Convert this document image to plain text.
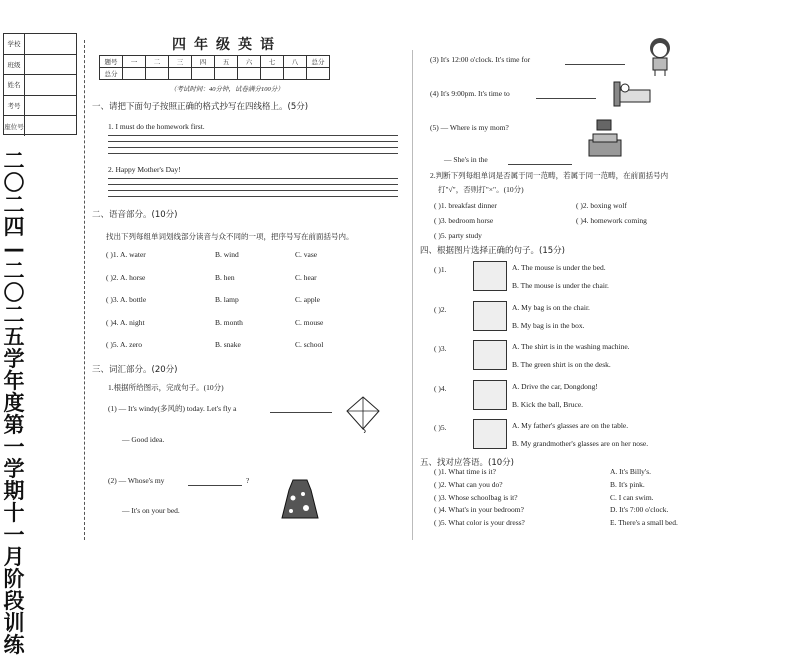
学校
班级
姓名
考号
座位号
二
〇
二
四
—
二
〇
二
五
学
年
度
第
一
学
期
十
一
月
阶
段
训
练
四年级英语
题号	一	二	三	四	五	六	七	八	总分
总分									
（考试时间：40分钟，试卷满分100分）
一、请把下面句子按照正确的格式抄写在四线格上。(5分)
1. I must do the homework first.
2. Happy Mother's Day!
二、语音部分。(10分)
找出下列每组单词划线部分读音与众不同的一项，把序号写在前面括号内。
三、词汇部分。(20分)
1.根据所给图示，完成句子。(10分)
(1) — It's windy(多风的) today. Let's fly a
— Good idea.
(2) — Whose's my	?
— It's on your bed.
(3) It's 12:00 o'clock. It's time for
(4) It's 9:00pm. It's time to
(5) — Where is my mom?
— She's in the
2.判断下列每组单词是否属于同一范畴，若属于同一范畴，在前面括号内
打"√"，否则打"×"。(10分)
四、根据图片选择正确的句子。(15分)
五、找对应答语。(10分)
( )1. A. water	B. wind	C. vase
( )2. A. horse	B. hen	C. hear
( )3. A. bottle	B. lamp	C. apple
( )4. A. night	B. month	C. mouse
( )5. A. zero	B. snake	C. school
( )1. breakfast dinner
( )3. bedroom horse
( )5. party study
( )2. boxing wolf
( )4. homework coming
( )1.	A. The mouse is under the bed.
B. The mouse is under the chair.
( )2.	A. My bag is on the chair.
B. My bag is in the box.
( )3.	A. The shirt is in the washing machine.
B. The green shirt is on the desk.
( )4.	A. Drive the car, Dongdong!
B. Kick the ball, Bruce.
( )5.	A. My father's glasses are on the table.
B. My grandmother's glasses are on her nose.
( )1. What time is it?	A. It's Billy's.
( )2. What can you do?	B. It's pink.
( )3. Whose schoolbag is it?	C. I can swim.
( )4. What's in your bedroom?	D. It's 7:00 o'clock.
( )5. What color is your dress?	E. There's a small bed.
